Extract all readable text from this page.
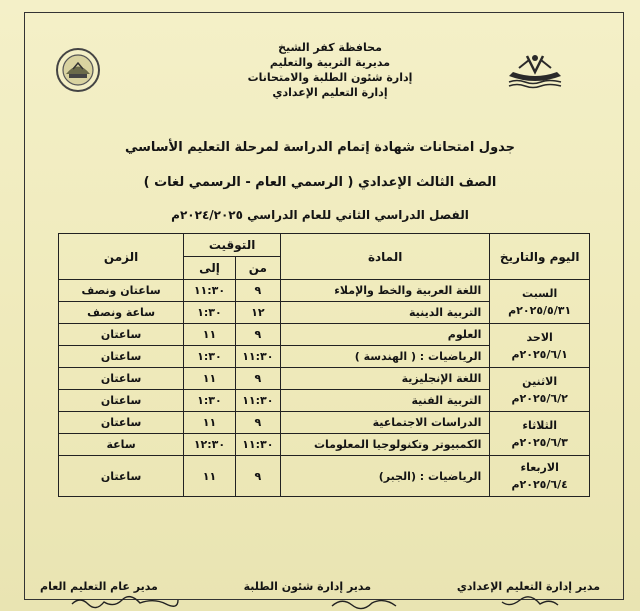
محافظة كفر الشيخ
مديرية التربية والتعليم
إدارة شئون الطلبة والامتحانات
إدارة التعليم الإعدادي
جدول امتحانات شهادة إتمام الدراسة لمرحلة التعليم الأساسي
الصف الثالث الإعدادي ( الرسمي العام - الرسمي لغات )
الفصل الدراسي الثاني للعام الدراسي ٢٠٢٤/٢٠٢٥م
اليوم والتاريخ	المادة	التوقيت		الزمن
		من	إلى	

السبت
٢٠٢٥/٥/٣١م	اللغة العربية والخط والإملاء	٩	١١:٣٠	ساعتان ونصف
	التربية الدينية	١٢	١:٣٠	ساعة ونصف

الاحد
٢٠٢٥/٦/١م	العلوم	٩	١١	ساعتان
	الرياضيات : ( الهندسة )	١١:٣٠	١:٣٠	ساعتان

الاثنين
٢٠٢٥/٦/٢م	اللغة الإنجليزية	٩	١١	ساعتان
	التربية الفنية	١١:٣٠	١:٣٠	ساعتان

الثلاثاء
٢٠٢٥/٦/٣م	الدراسات الاجتماعية	٩	١١	ساعتان
	الكمبيوتر وتكنولوجيا المعلومات	١١:٣٠	١٢:٣٠	ساعة

الاربعاء
٢٠٢٥/٦/٤م	الرياضيات : (الجبر)	٩	١١	ساعتان
مدير إدارة التعليم الإعدادي
مدير إدارة شئون الطلبة
مدير عام التعليم العام
